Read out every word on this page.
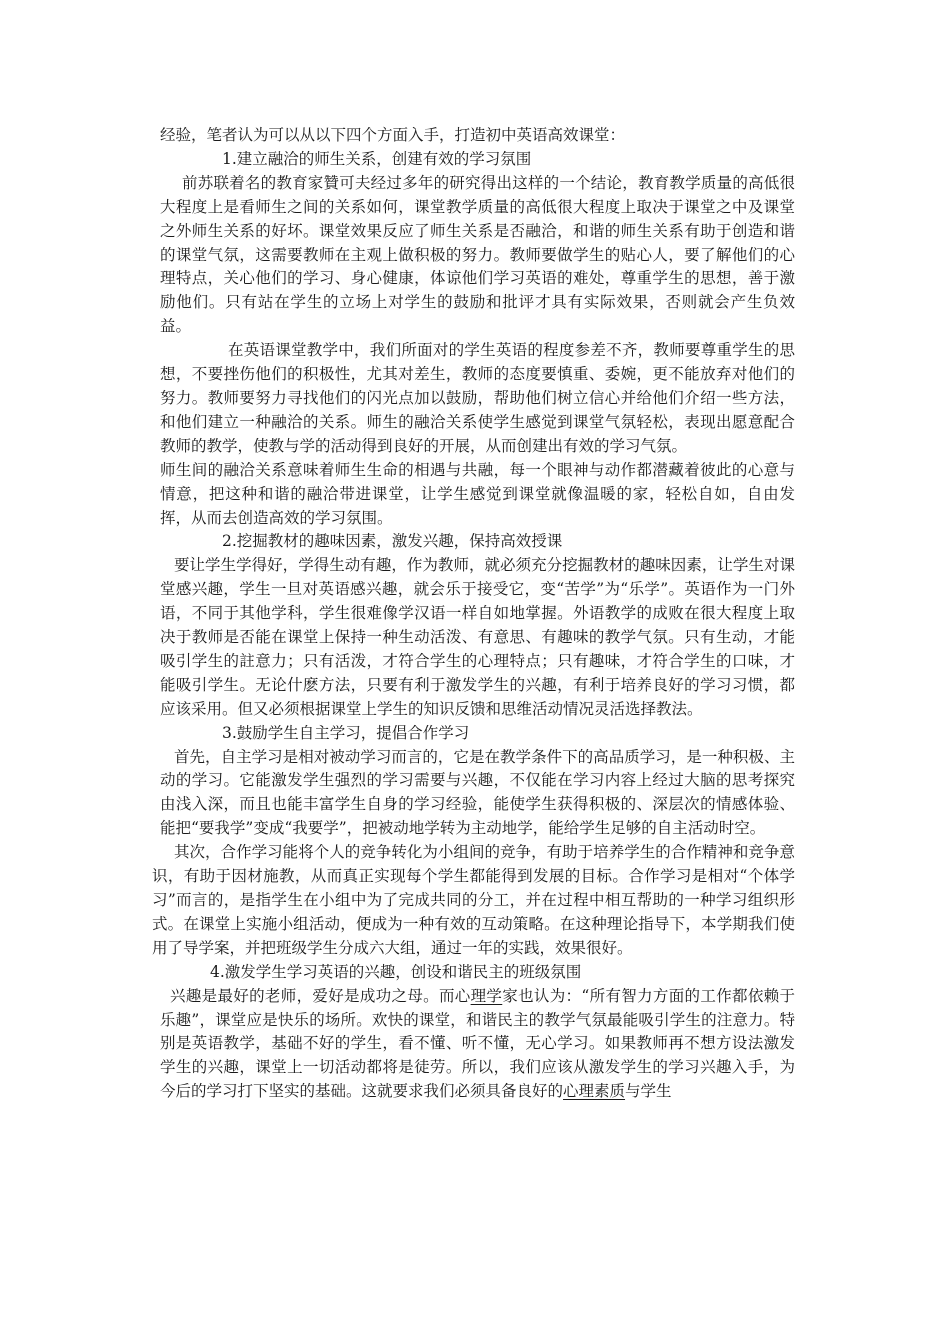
经验，笔者认为可以从以下四个方面入手，打造初中英语高效课堂：

1.建立融洽的师生关系，创建有效的学习氛围

前苏联着名的教育家贊可夫经过多年的研究得出这样的一个结论，教育教学质量的高低很大程度上是看师生之间的关系如何，课堂教学质量的高低很大程度上取决于课堂之中及课堂之外师生关系的好坏。课堂效果反应了师生关系是否融洽，和谐的师生关系有助于创造和谐的课堂气氛，这需要教师在主观上做积极的努力。教师要做学生的贴心人，要了解他们的心理特点，关心他们的学习、身心健康，体谅他们学习英语的难处，尊重学生的思想，善于激励他们。只有站在学生的立场上对学生的鼓励和批评才具有实际效果，否则就会产生负效益。

在英语课堂教学中，我们所面对的学生英语的程度参差不齐，教师要尊重学生的思想，不要挫伤他们的积极性，尤其对差生，教师的态度要慎重、委婉，更不能放弃对他们的努力。教师要努力寻找他们的闪光点加以鼓励，帮助他们树立信心并给他们介绍一些方法，和他们建立一种融洽的关系。师生的融洽关系使学生感觉到课堂气氛轻松，表现出愿意配合教师的教学，使教与学的活动得到良好的开展，从而创建出有效的学习气氛。

师生间的融洽关系意味着师生生命的相遇与共融，每一个眼神与动作都潜藏着彼此的心意与情意，把这种和谐的融洽带进课堂，让学生感觉到课堂就像温暖的家，轻松自如，自由发挥，从而去创造高效的学习氛围。

2.挖掘教材的趣味因素，激发兴趣，保持高效授课

要让学生学得好，学得生动有趣，作为教师，就必须充分挖掘教材的趣味因素，让学生对课堂感兴趣，学生一旦对英语感兴趣，就会乐于接受它，变“苦学”为“乐学”。英语作为一门外语，不同于其他学科，学生很难像学汉语一样自如地掌握。外语教学的成败在很大程度上取决于教师是否能在课堂上保持一种生动活泼、有意思、有趣味的教学气氛。只有生动，才能吸引学生的註意力；只有活泼，才符合学生的心理特点；只有趣味，才符合学生的口味，才能吸引学生。无论什麽方法，只要有利于激发学生的兴趣，有利于培养良好的学习习惯，都应该采用。但又必须根据课堂上学生的知识反馈和思维活动情况灵活选择教法。

3.鼓励学生自主学习，提倡合作学习

首先，自主学习是相对被动学习而言的，它是在教学条件下的高品质学习，是一种积极、主动的学习。它能激发学生强烈的学习需要与兴趣，不仅能在学习内容上经过大脑的思考探究由浅入深，而且也能丰富学生自身的学习经验，能使学生获得积极的、深层次的情感体验、能把“要我学”变成“我要学”，把被动地学转为主动地学，能给学生足够的自主活动时空。

其次，合作学习能将个人的竞争转化为小组间的竞争，有助于培养学生的合作精神和竞争意识，有助于因材施教，从而真正实现每个学生都能得到发展的目标。合作学习是相对“个体学习”而言的，是指学生在小组中为了完成共同的分工，并在过程中相互帮助的一种学习组织形式。在课堂上实施小组活动，便成为一种有效的互动策略。在这种理论指导下，本学期我们使用了导学案，并把班级学生分成六大组，通过一年的实践，效果很好。

4.激发学生学习英语的兴趣，创设和谐民主的班级氛围

兴趣是最好的老师，爱好是成功之母。而心理学家也认为：“所有智力方面的工作都依赖于乐趣”，课堂应是快乐的场所。欢快的课堂，和谐民主的教学气氛最能吸引学生的注意力。特别是英语教学，基础不好的学生，看不懂、听不懂，无心学习。如果教师再不想方设法激发学生的兴趣，课堂上一切活动都将是徒劳。所以，我们应该从激发学生的学习兴趣入手，为今后的学习打下坚实的基础。这就要求我们必须具备良好的心理素质与学生
